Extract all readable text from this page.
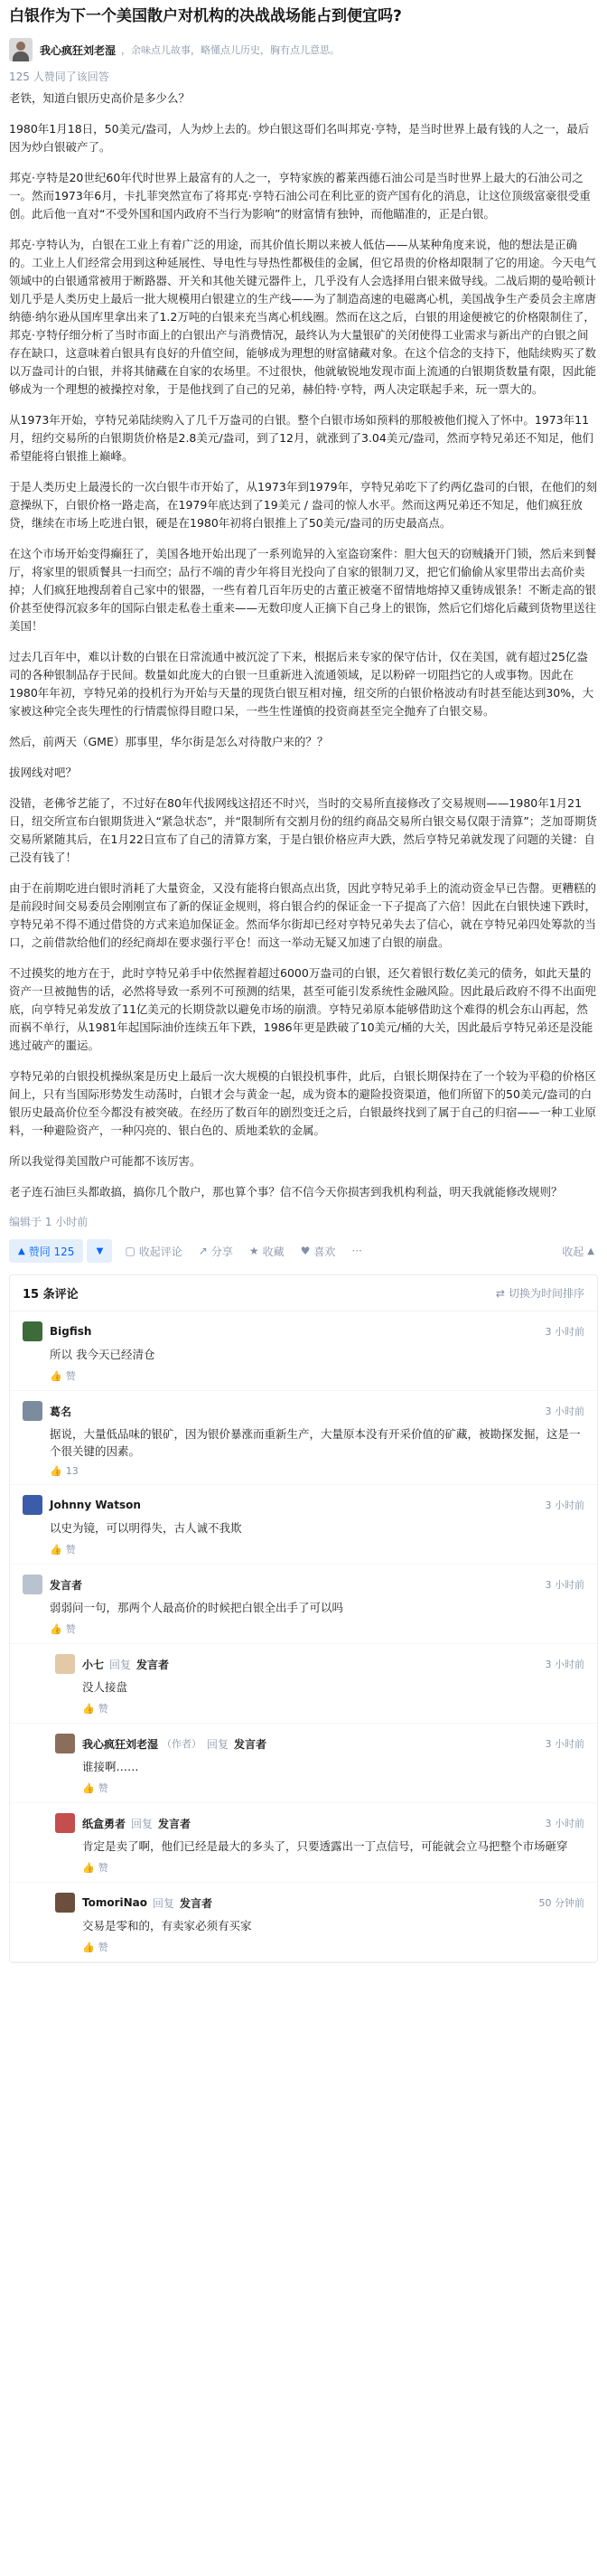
白银作为下一个美国散户对机构的决战战场能占到便宜吗?
我心疯狂刘老湿 ，余味点儿故事，略懂点儿历史，胸有点儿意思。
125 人赞同了该回答

老铁，知道白银历史高价是多少么？

1980年1月18日，50美元/盎司，人为炒上去的。炒白银这哥们名叫邦克·亨特，是当时世界上最有钱的人之一，最后因为炒白银破产了。

邦克·亨特是20世纪60年代时世界上最富有的人之一，亨特家族的蓄莱西德石油公司是当时世界上最大的石油公司之一。然而1973年6月，卡扎菲突然宣布了将邦克·亨特石油公司在利比亚的资产国有化的消息，让这位顶级富豪很受重创。此后他一直对“不受外国和国内政府不当行为影响”的财富情有独钟，而他瞄准的，正是白银。

邦克·亨特认为，白银在工业上有着广泛的用途，而其价值长期以来被人低估——从某种角度来说，他的想法是正确的。工业上人们经常会用到这种延展性、导电性与导热性都极佳的金属，但它昂贵的价格却限制了它的用途。今天电气领域中的白银通常被用于断路器、开关和其他关键元器件上，几乎没有人会选择用白银来做导线。二战后期的曼哈顿计划几乎是人类历史上最后一批大规模用白银建立的生产线——为了制造高速的电磁离心机，美国战争生产委员会主席唐纳德·纳尔逊从国库里拿出来了1.2万吨的白银来充当离心机线圈。然而在这之后，白银的用途便被它的价格限制住了，邦克·亨特仔细分析了当时市面上的白银出产与消费情况，最终认为大量银矿的关闭使得工业需求与新出产的白银之间存在缺口，这意味着白银具有良好的升值空间，能够成为理想的财富储藏对象。在这个信念的支持下，他陆续购买了数以万盎司计的白银，并将其储藏在自家的农场里。不过很快，他就敏锐地发现市面上流通的白银期货数量有限，因此能够成为一个理想的被操控对象，于是他找到了自己的兄弟，赫伯特·亨特，两人决定联起手来，玩一票大的。

从1973年开始，亨特兄弟陆续购入了几千万盎司的白银。整个白银市场如预料的那般被他们搅入了怀中。1973年11月，纽约交易所的白银期货价格是2.8美元/盎司，到了12月，就涨到了3.04美元/盎司，然而亨特兄弟还不知足，他们希望能将白银推上巅峰。

于是人类历史上最漫长的一次白银牛市开始了，从1973年到1979年，亨特兄弟吃下了约两亿盎司的白银，在他们的刻意操纵下，白银价格一路走高，在1979年底达到了19美元 / 盎司的惊人水平。然而这两兄弟还不知足，他们疯狂放贷，继续在市场上吃进白银，硬是在1980年初将白银推上了50美元/盎司的历史最高点。

在这个市场开始变得癫狂了，美国各地开始出现了一系列诡异的入室盗窃案件：胆大包天的窃贼撬开门锁，然后来到餐厅，将家里的银质餐具一扫而空；品行不端的青少年将目光投向了自家的银制刀叉，把它们偷偷从家里带出去高价卖掉；人们疯狂地搜刮着自己家中的银器，一些有着几百年历史的古董正被毫不留情地熔掉又重铸成银条！不断走高的银价甚至使得沉寂多年的国际白银走私卷土重来——无数印度人正摘下自己身上的银饰，然后它们熔化后藏到货物里送往美国！

过去几百年中，难以计数的白银在日常流通中被沉淀了下来，根据后来专家的保守估计，仅在美国，就有超过25亿盎司的各种银制品存于民间。数量如此庞大的白银一旦重新进入流通领域，足以粉碎一切阻挡它的人或事物。因此在1980年年初，亨特兄弟的投机行为开始与天量的现货白银互相对撞，纽交所的白银价格波动有时甚至能达到30%，大家被这种完全丧失理性的行情震惊得目瞪口呆，一些生性谨慎的投资商甚至完全抛弃了白银交易。

然后，前两天（GME）那事里，华尔街是怎么对待散户来的？？

拔网线对吧？

没错，老佛爷艺能了，不过好在80年代拔网线这招还不时兴，当时的交易所直接修改了交易规则——1980年1月21日，纽交所宣布白银期货进入“紧急状态”，并“限制所有交割月份的纽约商品交易所白银交易仅限于清算”；芝加哥期货交易所紧随其后，在1月22日宣布了自己的清算方案，于是白银价格应声大跌，然后亨特兄弟就发现了问题的关键：自己没有钱了！

由于在前期吃进白银时消耗了大量资金，又没有能将白银高点出货，因此亨特兄弟手上的流动资金早已告罄。更糟糕的是前段时间交易委员会刚刚宣布了新的保证金规则，将白银合约的保证金一下子提高了六倍！因此在白银快速下跌时，亨特兄弟不得不通过借贷的方式来追加保证金。然而华尔街却已经对亨特兄弟失去了信心，就在亨特兄弟四处筹款的当口，之前借款给他们的经纪商却在要求强行平仓！而这一举动无疑又加速了白银的崩盘。

不过摸奖的地方在于，此时亨特兄弟手中依然握着超过6000万盎司的白银，还欠着银行数亿美元的债务，如此天量的资产一旦被抛售的话，必然将导致一系列不可预测的结果，甚至可能引发系统性金融风险。因此最后政府不得不出面兜底，向亨特兄弟发放了11亿美元的长期贷款以避免市场的崩溃。亨特兄弟原本能够借助这个难得的机会东山再起，然而祸不单行，从1981年起国际油价连续五年下跌，1986年更是跌破了10美元/桶的大关，因此最后亨特兄弟还是没能逃过破产的噩运。

亨特兄弟的白银投机操纵案是历史上最后一次大规模的白银投机事件，此后，白银长期保持在了一个较为平稳的价格区间上，只有当国际形势发生动荡时，白银才会与黄金一起，成为资本的避险投资渠道，他们所留下的50美元/盎司的白银历史最高价位至今都没有被突破。在经历了数百年的剧烈变迁之后，白银最终找到了属于自己的归宿——一种工业原料，一种避险资产，一种闪亮的、银白色的、质地柔软的金属。

所以我觉得美国散户可能都不该厉害。

老子连石油巨头都敢搞，搞你几个散户，那也算个事？信不信今天你损害到我机构利益，明天我就能修改规则？

编辑于 1 小时前
▲ 赞同 125 ▼ ▢ 收起评论 ↗ 分享 ★ 收藏 ♥ 喜欢 ···	收起 ▲
15 条评论	⇄ 切换为时间排序
Bigfish	3 小时前
所以 我今天已经清仓
👍 赞
葛名	3 小时前
据说，大量低品味的银矿，因为银价暴涨而重新生产，大量原本没有开采价值的矿藏，被勘探发掘，这是一个很关键的因素。
👍 13
Johnny Watson	3 小时前
以史为镜，可以明得失，古人诚不我欺
👍 赞
发言者	3 小时前
弱弱问一句，那两个人最高价的时候把白银全出手了可以吗
👍 赞
小七 回复 发言者	3 小时前
没人接盘
👍 赞
我心疯狂刘老湿 （作者） 回复 发言者	3 小时前
谁接啊……
👍 赞
纸盒勇者 回复 发言者	3 小时前
肯定是卖了啊，他们已经是最大的多头了，只要透露出一丁点信号，可能就会立马把整个市场砸穿
👍 赞
TomoriNao 回复 发言者	50 分钟前
交易是零和的，有卖家必须有买家
👍 赞
